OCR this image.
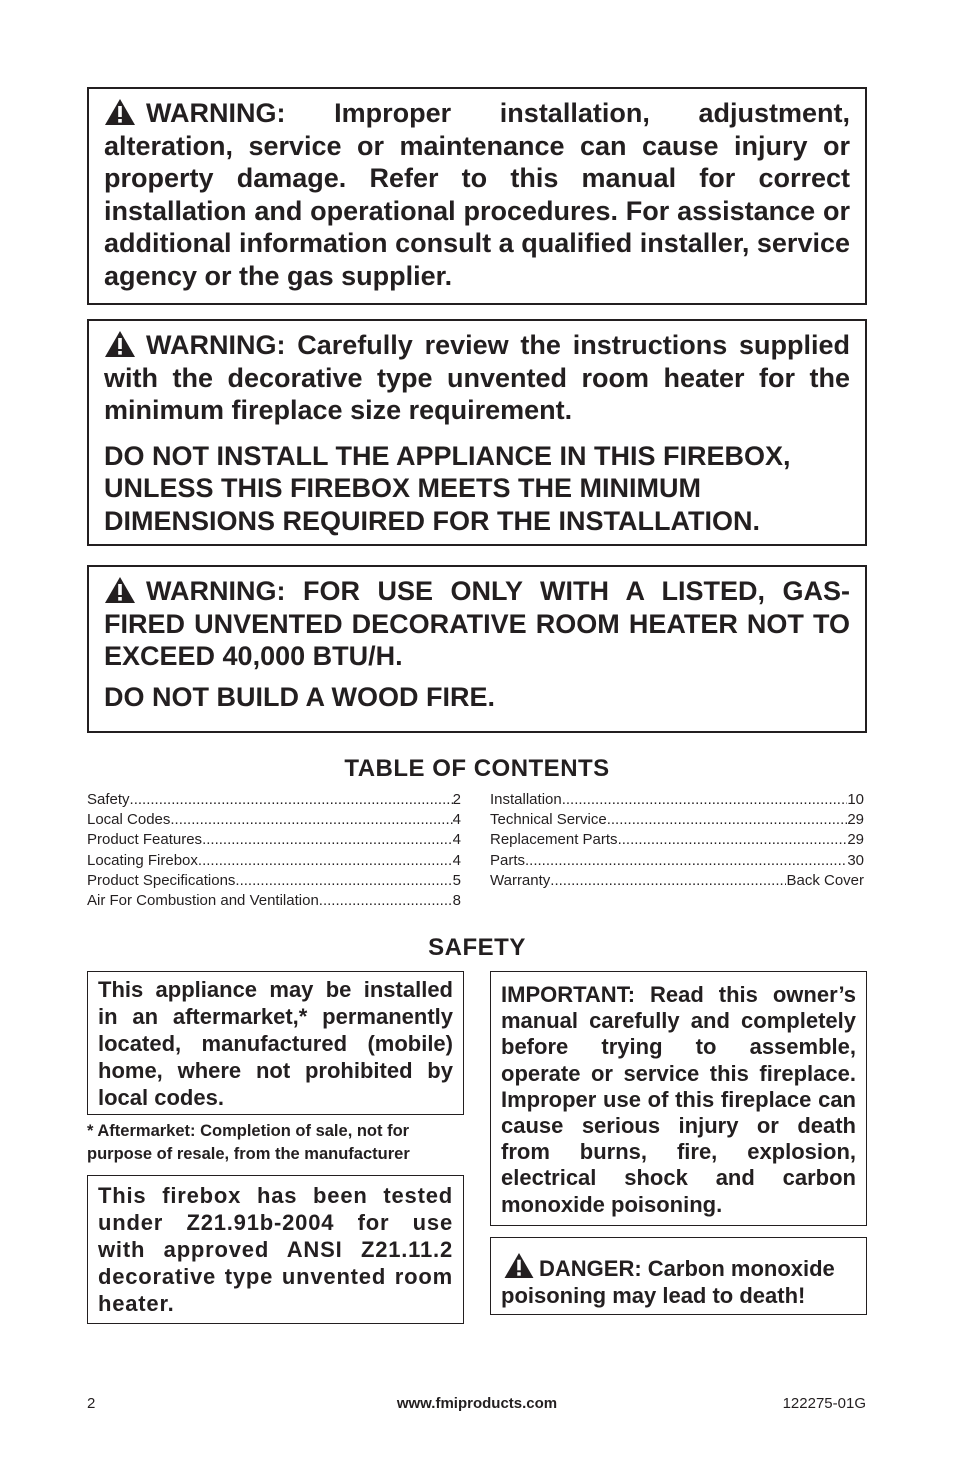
WARNING: Improper installation, adjustment, alteration, service or maintenance can cause injury or property damage. Refer to this manual for correct installation and operational procedures. For assistance or additional information consult a qualified installer, service agency or the gas supplier.

WARNING: Carefully review the instructions supplied with the decorative type unvented room heater for the minimum fireplace size requirement.

DO NOT INSTALL THE APPLIANCE IN THIS FIREBOX, UNLESS THIS FIREBOX MEETS THE MINIMUM DIMENSIONS REQUIRED FOR THE INSTALLATION.

WARNING: FOR USE ONLY WITH A LISTED, GAS-FIRED UNVENTED DECORATIVE ROOM HEATER NOT TO EXCEED 40,000 BTU/H.

DO NOT BUILD A WOOD FIRE.

TABLE OF CONTENTS
Safety .....	2
Local Codes .....	4
Product Features .....	4
Locating Firebox .....	4
Product Specifications .....	5
Air For Combustion and Ventilation .....	8
Installation .....	10
Technical Service .....	29
Replacement Parts .....	29
Parts .....	30
Warranty .....	Back Cover
SAFETY

This appliance may be installed in an aftermarket,* permanently located, manufactured (mobile) home, where not prohibited by local codes.

* Aftermarket: Completion of sale, not for purpose of resale, from the manufacturer

This firebox has been tested under Z21.91b-2004 for use with approved ANSI Z21.11.2 decorative type unvented room heater.

IMPORTANT: Read this owner’s manual carefully and completely before trying to assemble, operate or service this fireplace. Improper use of this fireplace can cause serious injury or death from burns, fire, explosion, electrical shock and carbon monoxide poisoning.

DANGER: Carbon monoxide poisoning may lead to death!

2	www.fmiproducts.com	122275-01G
